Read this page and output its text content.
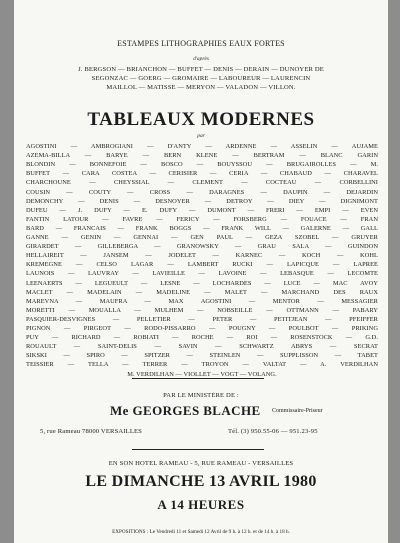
ESTAMPES LITHOGRAPHIES EAUX FORTES
d'après
J. BERGSON — BRIANCHON — BUFFET — DENIS — DERAIN — DUNOYER DE
SEGONZAC — GOERG — GROMAIRE — LABOUREUR — LAURENCIN
MAILLOL — MATISSE — MERYON — VALADON — VILLON.
TABLEAUX MODERNES
par
AGOSTINI — AMBROGIANI — D'ANTY — ARDENNE — ASSELIN — AUJAME
AZEMA-BILLA — BARYE — BERN KLENE — BERTRAM — BLANC GARIN
BLONDIN — BONNEFOIE — BOSCO — BOUYSSOU — BRUGAIROLLES — M.
BUFFET — CARA COSTEA — CERISIER — CERIA — CHABAUD — CHARAVEL
CHARCHOUNE — CHEYSSIAL — CLEMENT — COCTEAU — CORBELLINI
COUSIN — COUTY — CROSS — DARAGNES — DAUPIN — DEJARDIN
DEMONCHY — DENIS — DESNOYER — DETROY — DIEY — DIGNIMONT
DUFEU — J. DUFY — E. DUFY — DUMONT — FRERI — EMPI — EVEN
FANTIN LATOUR — FAVRE — FERICY — FORSBERG — FOUACE — FRAN
BARD — FRANCAIS — FRANK BOGGS — FRANK WILL — GALERNE — GALL
GANNE — GENIN — GENNAI — GEN PAUL — GEZA SZOBEL — GRUYER
GIRARDET — GILLEBERGA — GRANOWSKY — GRAU SALA — GUINDON
HELLAIREIT — JANSEM — JODELET — KARNEC — KOCH — KOHL
KREMEGNE — CELSO LAGAR — LAMBERT RUCKI — LAPICQUE — LAPREE
LAUNOIS — LAUVRAY — LAVIEILLE — LAVOINE — LEBASQUE — LECOMTE
LEENAERTS — LEGUEULT — LESNE — LOCHARDES — LUCE — MAC AVOY
MACLET — MADELAIN — MADELINE — MALET — MARCHAND DES RAUX
MAREVNA — MAUFRA — MAX AGOSTINI — MENTOR — MESSAGIER
MORETTI — MOUALLA — MULHEM — NOBSEILLE — OTTMANN — PABARY
PASQUIER-DESVIGNES — PELLETIER — PETER — PETITJEAN — PFEIFFER
PIGNON — PIRGEOT — RODO-PISSARRO — POUGNY — POULBOT — PRIKING
PUY — RICHARD — ROBIATI — ROCHE — ROI — ROSENSTOCK — G.D.
ROUAULT — SAINT-DELIS — SAVIN — SCHWARTZ ABRYS — SECRAT
SIKSKI — SPIRO — SPITZER — STEINLEN — SUPPLISSON — TABET
TEISSIER — TELLA — TERRER — TROYON — VALTAT — A. VERDILHAN
M. VERDILHAN — VIOLLET — VOGT — VOLANG.
PAR LE MINISTÈRE DE :
Me GEORGES BLACHE Commissaire-Priseur
5, rue Rameau 78000 VERSAILLES	Tél. (3) 950.55-06 — 951.23-95
EN SON HOTEL RAMEAU - 5, RUE RAMEAU - VERSAILLES
LE DIMANCHE 13 AVRIL 1980
A 14 HEURES
EXPOSITIONS : Le Vendredi 11 et Samedi 12 Avril de 9 h. à 12 h. et de 14 h. à 18 h.
